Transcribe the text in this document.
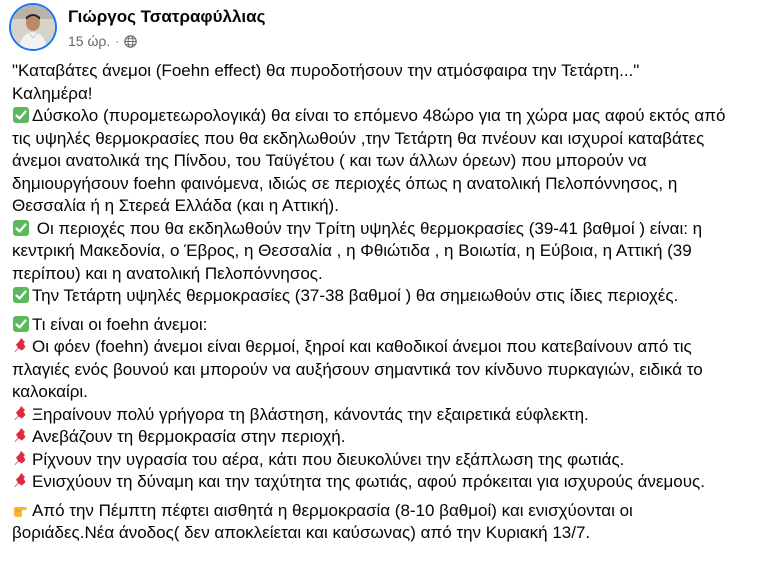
Γιώργος Τσατραφύλλιας
15 ώρ. ·
"Καταβάτες άνεμοι (Foehn effect) θα πυροδοτήσουν την ατμόσφαιρα την Τετάρτη..."
Καλημέρα!
Δύσκολο (πυρομετεωρολογικά) θα είναι το επόμενο 48ώρο για τη χώρα μας αφού εκτός από
τις υψηλές θερμοκρασίες που θα εκδηλωθούν ,την Τετάρτη θα πνέουν και ισχυροί καταβάτες
άνεμοι ανατολικά της Πίνδου, του Ταϋγέτου ( και των άλλων όρεων) που μπορούν να
δημιουργήσουν foehn φαινόμενα, ιδιώς σε περιοχές όπως η ανατολική Πελοπόννησος, η
Θεσσαλία ή η Στερεά Ελλάδα (και η Αττική).
Οι περιοχές που θα εκδηλωθούν την Τρίτη υψηλές θερμοκρασίες (39-41 βαθμοί ) είναι: η
κεντρική Μακεδονία, ο Έβρος, η Θεσσαλία , η Φθιώτιδα , η Βοιωτία, η Εύβοια, η Αττική (39
περίπου) και η ανατολική Πελοπόννησος.
Την Τετάρτη υψηλές θερμοκρασίες (37-38 βαθμοί ) θα σημειωθούν στις ίδιες περιοχές.
Τι είναι οι foehn άνεμοι:
Οι φόεν (foehn) άνεμοι είναι θερμοί, ξηροί και καθοδικοί άνεμοι που κατεβαίνουν από τις
πλαγιές ενός βουνού και μπορούν να αυξήσουν σημαντικά τον κίνδυνο πυρκαγιών, ειδικά το
καλοκαίρι.
Ξηραίνουν πολύ γρήγορα τη βλάστηση, κάνοντάς την εξαιρετικά εύφλεκτη.
Ανεβάζουν τη θερμοκρασία στην περιοχή.
Ρίχνουν την υγρασία του αέρα, κάτι που διευκολύνει την εξάπλωση της φωτιάς.
Ενισχύουν τη δύναμη και την ταχύτητα της φωτιάς, αφού πρόκειται για ισχυρούς άνεμους.
Από την Πέμπτη πέφτει αισθητά η θερμοκρασία (8-10 βαθμοί) και ενισχύονται οι
βοριάδες.Νέα άνοδος( δεν αποκλείεται και καύσωνας) από την Κυριακή 13/7.
